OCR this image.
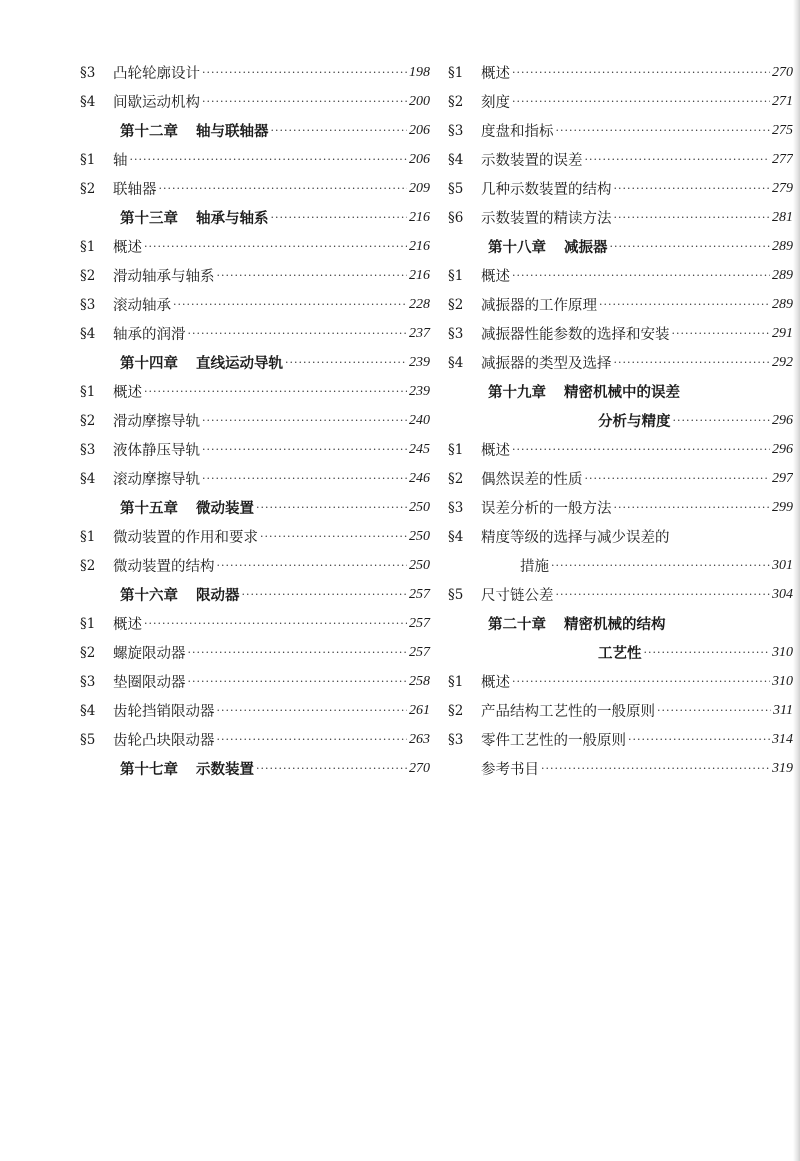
§3	凸轮轮廓设计 ·····	198
§4	间歇运动机构 ·····	200
第十二章 轴与联轴器 ·····	206
§1	轴 ·····	206
§2	联轴器 ·····	209
第十三章 轴承与轴系 ·····	216
§1	概述 ·····	216
§2	滑动轴承与轴系 ·····	216
§3	滚动轴承 ·····	228
§4	轴承的润滑 ·····	237
第十四章 直线运动导轨 ·····	239
§1	概述 ·····	239
§2	滑动摩擦导轨 ·····	240
§3	液体静压导轨 ·····	245
§4	滚动摩擦导轨 ·····	246
第十五章 微动装置 ·····	250
§1	微动装置的作用和要求 ·····	250
§2	微动装置的结构 ·····	250
第十六章 限动器 ·····	257
§1	概述 ·····	257
§2	螺旋限动器 ·····	257
§3	垫圈限动器 ·····	258
§4	齿轮挡销限动器 ·····	261
§5	齿轮凸块限动器 ·····	263
第十七章 示数装置 ·····	270
§1	概述 ·····	270
§2	刻度 ·····	271
§3	度盘和指标 ·····	275
§4	示数装置的误差 ·····	277
§5	几种示数装置的结构 ·····	279
§6	示数装置的精读方法 ·····	281
第十八章 减振器 ·····	289
§1	概述 ·····	289
§2	减振器的工作原理 ·····	289
§3	减振器性能参数的选择和安装 ·····	291
§4	减振器的类型及选择 ·····	292
第十九章 精密机械中的误差
分析与精度 ·····	296
§1	概述 ·····	296
§2	偶然误差的性质 ·····	297
§3	误差分析的一般方法 ·····	299
§4	精度等级的选择与减少误差的
措施 ·····	301
§5	尺寸链公差 ·····	304
第二十章 精密机械的结构
工艺性 ·····	310
§1	概述 ·····	310
§2	产品结构工艺性的一般原则 ·····	311
§3	零件工艺性的一般原则 ·····	314
参考书目 ·····	319
